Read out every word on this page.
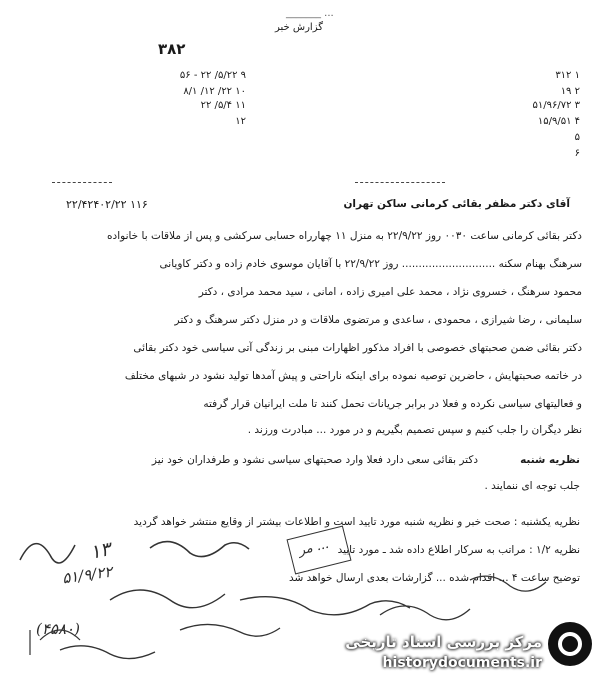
_______ ...
گزارش خبر
۳۸۲
۹ ۵/۲۲/ ۲۲ - ۵۶
۱۰ ۲۲/ ۱۲/ ۸/۱
۱۱ ۵/۴/ ۲۲
۱۲
۱ ۳۱۲
۲ ۱۹
۳ ۵۱/۹۶/۷۲
۴ ۱۵/۹/۵۱
۵
۶
آقای دکتر مظفر بقائی کرمانی ساکن تهران
۲۲/۴۲۴۰۲/۲۲ ۱۱۶
دکتر بقائی کرمانی ساعت ۰۰۳۰ روز ۲۲/۹/۲۲ به منزل ۱۱ چهارراه حسابی سرکشی و پس از ملاقات با خانواده
سرهنگ بهنام سکنه ............................ روز ۲۲/۹/۲۲ با آقایان موسوی خادم زاده و دکتر کاویانی
محمود سرهنگ ، خسروی نژاد ، محمد علی امیری زاده ، امانی ، سید محمد مرادی ، دکتر
سلیمانی ، رضا شیرازی ، محمودی ، ساعدی و مرتضوی ملاقات و در منزل دکتر سرهنگ و دکتر
دکتر بقائی ضمن صحبتهای خصوصی با افراد مذکور اظهارات مبنی بر زندگی آتی سیاسی خود دکتر بقائی
در خاتمه صحبتهایش ، حاضرین توصیه نموده برای اینکه ناراحتی و پیش آمدها تولید نشود در شبهای مختلف
و فعالیتهای سیاسی نکرده و فعلا در برابر جریانات تحمل کنند تا ملت ایرانیان قرار گرفته
نظر دیگران را جلب کنیم و سپس تصمیم بگیریم و در مورد ... مبادرت ورزند .
نظریه شنبه
دکتر بقائی سعی دارد فعلا وارد صحبتهای سیاسی نشود و طرفداران خود نیز
جلب توجه ای ننمایند .
نظریه یکشنبه : صحت خبر و نظریه شنبه مورد تایید است و اطلاعات بیشتر از وقایع منتشر خواهد گردید
نظریه ۱/۲ : مراتب به سرکار اطلاع داده شد ـ مورد تایید
توضیح ساعت ۴ ... اقدام شده ... گزارشات بعدی ارسال خواهد شد
۱۳
۵۱/۹/۲۲
(۴۵۸۰)
مر ...
مرکز بررسی اسناد تاریخی
historydocuments.ir
